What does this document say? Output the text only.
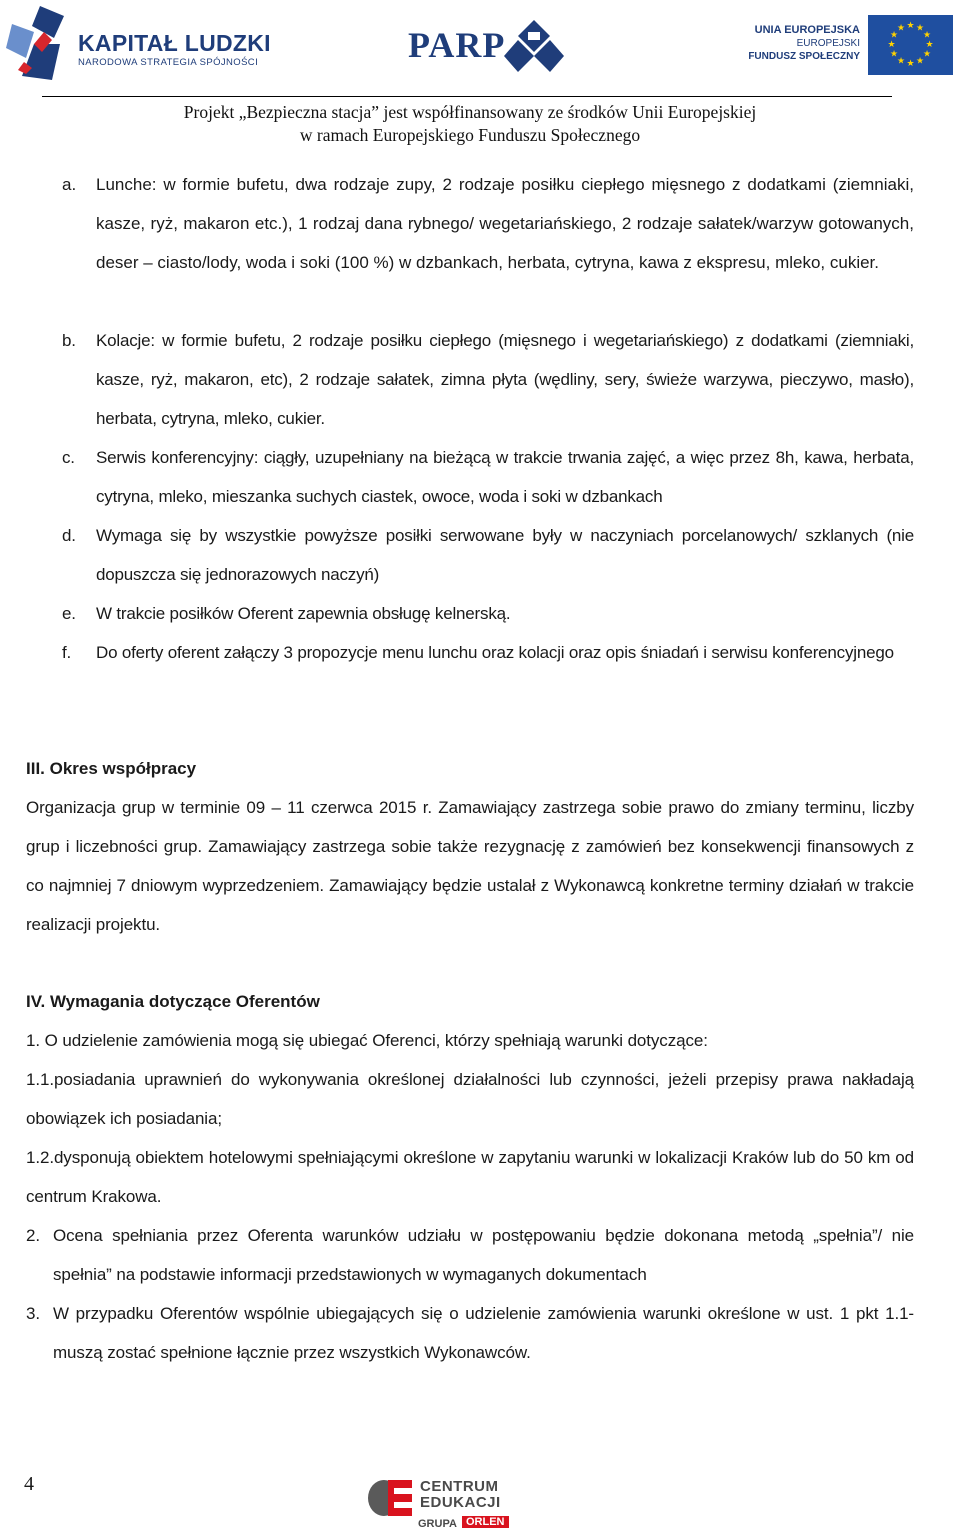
KAPITAŁ LUDZKI
NARODOWA STRATEGIA SPÓJNOŚCI	PARP	UNIA EUROPEJSKA
EUROPEJSKI
FUNDUSZ SPOŁECZNY
★ ★
★
★
★
★
★
★
★
★
★
★
Projekt „Bezpieczna stacja” jest współfinansowany ze środków Unii Europejskiej
w ramach Europejskiego Funduszu Społecznego
a. Lunche: w formie bufetu, dwa rodzaje zupy, 2 rodzaje posiłku ciepłego mięsnego z dodatkami (ziemniaki, kasze, ryż, makaron etc.), 1 rodzaj dana rybnego/ wegetariańskiego, 2 rodzaje sałatek/warzyw gotowanych, deser – ciasto/lody, woda i soki (100 %) w dzbankach, herbata, cytryna, kawa z ekspresu, mleko, cukier.
b. Kolacje: w formie bufetu, 2 rodzaje posiłku ciepłego (mięsnego i wegetariańskiego) z dodatkami (ziemniaki, kasze, ryż, makaron, etc), 2 rodzaje sałatek, zimna płyta (wędliny, sery, świeże warzywa, pieczywo, masło), herbata, cytryna, mleko, cukier.
c. Serwis konferencyjny: ciągły, uzupełniany na bieżącą w trakcie trwania zajęć, a więc przez 8h, kawa, herbata, cytryna, mleko, mieszanka suchych ciastek, owoce, woda i soki w dzbankach
d. Wymaga się by wszystkie powyższe posiłki serwowane były w naczyniach porcelanowych/ szklanych (nie dopuszcza się jednorazowych naczyń)
e. W trakcie posiłków Oferent zapewnia obsługę kelnerską.
f. Do oferty oferent załączy 3 propozycje menu lunchu oraz kolacji oraz opis śniadań i serwisu konferencyjnego
III. Okres współpracy
Organizacja grup w terminie 09 – 11 czerwca 2015 r. Zamawiający zastrzega sobie prawo do zmiany terminu, liczby grup i liczebności grup. Zamawiający zastrzega sobie także rezygnację z zamówień bez konsekwencji finansowych z co najmniej 7 dniowym wyprzedzeniem. Zamawiający będzie ustalał z Wykonawcą konkretne terminy działań w trakcie realizacji projektu.
IV. Wymagania dotyczące Oferentów
1. O udzielenie zamówienia mogą się ubiegać Oferenci, którzy spełniają warunki dotyczące:
1.1.posiadania uprawnień do wykonywania określonej działalności lub czynności, jeżeli przepisy prawa nakładają obowiązek ich posiadania;
1.2.dysponują obiektem hotelowymi spełniającymi określone w zapytaniu warunki w lokalizacji Kraków lub do 50 km od centrum Krakowa.
2. Ocena spełniania przez Oferenta warunków udziału w postępowaniu będzie dokonana metodą „spełnia”/ nie spełnia” na podstawie informacji przedstawionych w wymaganych dokumentach
3. W przypadku Oferentów wspólnie ubiegających się o udzielenie zamówienia warunki określone w ust. 1 pkt 1.1-muszą zostać spełnione łącznie przez wszystkich Wykonawców.
4	CENTRUM
EDUKACJI
GRUPA ORLEN
